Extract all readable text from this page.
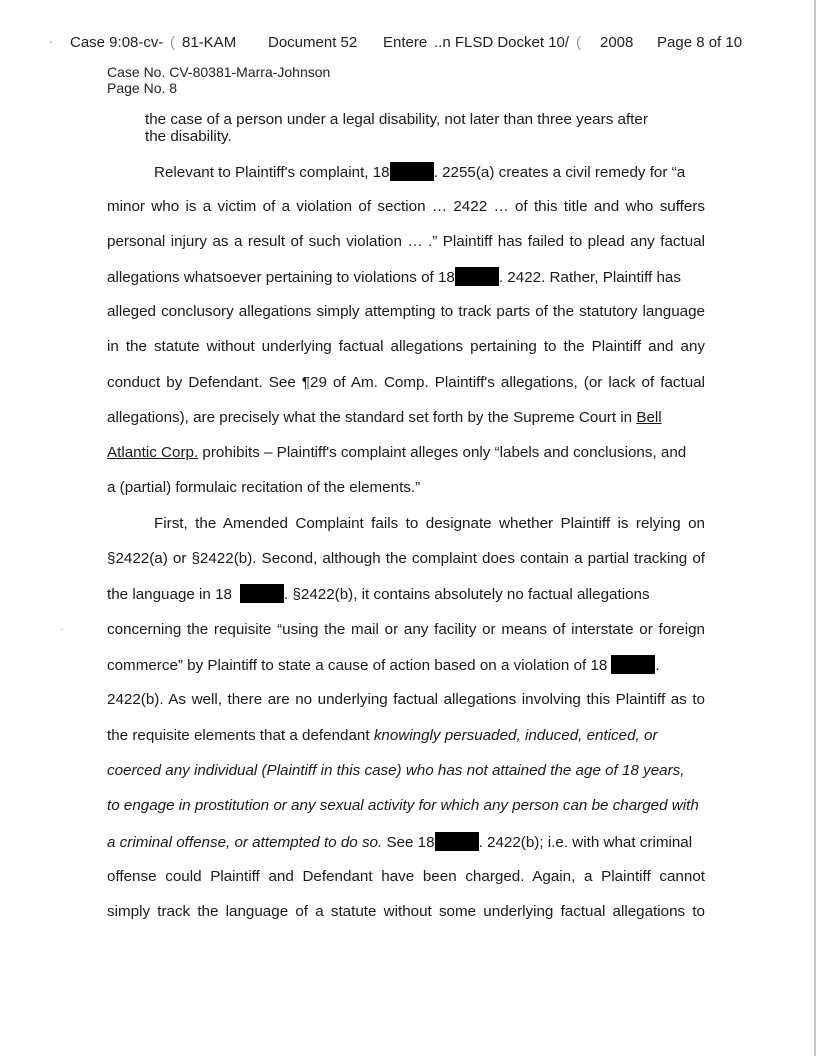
'
·
Case 9:08-cv- ( 81-KAM Document 52 Entere ..n FLSD Docket 10/ ( 2008 Page 8 of 10
Case No. CV-80381-Marra-Johnson
Page No. 8
the case of a person under a legal disability, not later than three years after
the disability.
Relevant to Plaintiff's complaint, 18	. 2255(a) creates a civil remedy for “a
minor who is a victim of a violation of section … 2422 … of this title and who suffers
personal injury as a result of such violation … .” Plaintiff has failed to plead any factual
allegations whatsoever pertaining to violations of 18	. 2422. Rather, Plaintiff has
alleged conclusory allegations simply attempting to track parts of the statutory language
in the statute without underlying factual allegations pertaining to the Plaintiff and any
conduct by Defendant. See ¶29 of Am. Comp. Plaintiff's allegations, (or lack of factual
allegations), are precisely what the standard set forth by the Supreme Court in Bell
Atlantic Corp. prohibits – Plaintiff's complaint alleges only “labels and conclusions, and
a (partial) formulaic recitation of the elements.”
First, the Amended Complaint fails to designate whether Plaintiff is relying on
§2422(a) or §2422(b). Second, although the complaint does contain a partial tracking of
the language in 18	. §2422(b), it contains absolutely no factual allegations
concerning the requisite “using the mail or any facility or means of interstate or foreign
commerce” by Plaintiff to state a cause of action based on a violation of 18	.
2422(b). As well, there are no underlying factual allegations involving this Plaintiff as to
the requisite elements that a defendant knowingly persuaded, induced, enticed, or
coerced any individual (Plaintiff in this case) who has not attained the age of 18 years,
to engage in prostitution or any sexual activity for which any person can be charged with
a criminal offense, or attempted to do so. See 18	. 2422(b); i.e. with what criminal
offense could Plaintiff and Defendant have been charged. Again, a Plaintiff cannot
simply track the language of a statute without some underlying factual allegations to
